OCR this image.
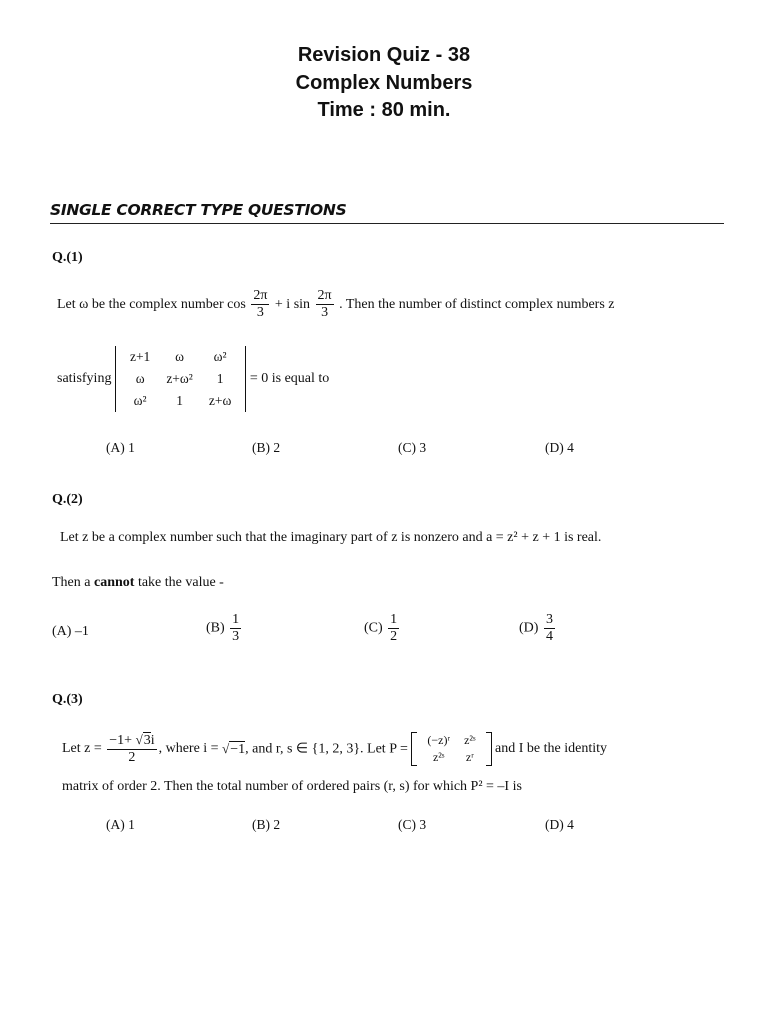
Revision Quiz - 38
Complex Numbers
Time : 80 min.
SINGLE CORRECT TYPE QUESTIONS
Q.(1)
Let ω be the complex number $\cos \frac{2\pi}{3} + i$ $\sin \frac{2\pi}{3}$ . Then the number of distinct complex numbers z
satisfying
z+1	ω	ω²
ω	z+ω²	1
ω²	1	z+ω
= 0 is equal to
(A) 1	(B) 2	(C) 3	(D) 4
Q.(2)
Let z be a complex number such that the imaginary part of z is nonzero and a = z² + z + 1 is real.
Then a cannot take the value -
(A) –1	$(B) \frac{1}{3}$	$(C) \frac{1}{2}$	$(D) \frac{3}{4}$
Q.(3)
Let $z = \frac{-1+ √3i}{2}$ , where i = √−1, and r, s ∈ {1, 2, 3}. Let P =
(−z)ʳ	z²ˢ
z²ˢ	zʳ
and I be the identity
matrix of order 2. Then the total number of ordered pairs (r, s) for which P² = –I is
(A) 1	(B) 2	(C) 3	(D) 4
